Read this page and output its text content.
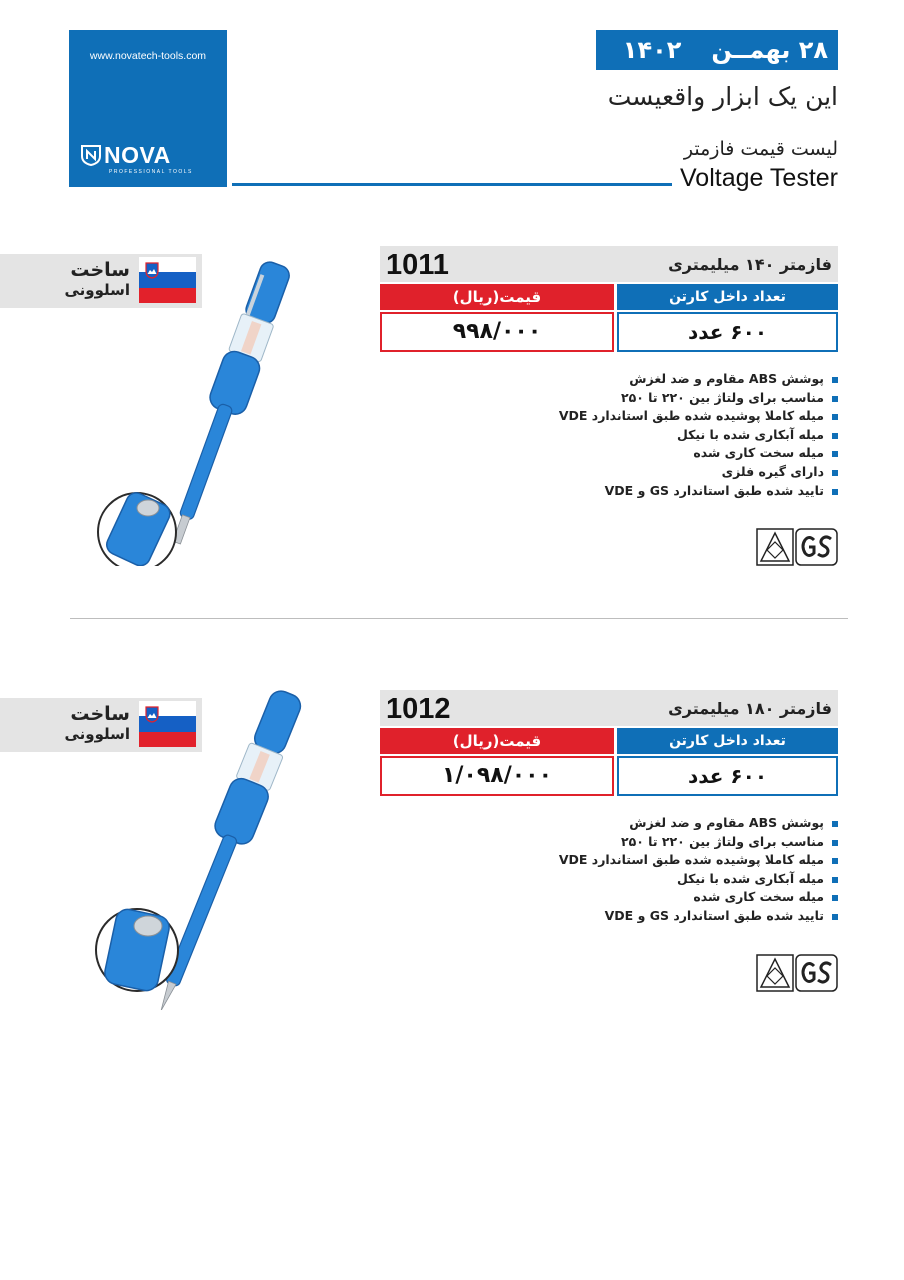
www.novatech-tools.com
NOVA
PROFESSIONAL TOOLS
۲۸ بهمــن
۱۴۰۲
این یک ابزار واقعیست
لیست قیمت فازمتر
Voltage Tester
ساخت
اسلوونی
1011	فازمتر ۱۴۰ میلیمتری
قیمت(ریال)	تعداد داخل کارتن
۹۹۸/۰۰۰	۶۰۰ عدد
پوشش ABS مقاوم و ضد لغزش
مناسب برای ولتاژ بین ۲۲۰ تا ۲۵۰
میله کاملا پوشیده شده طبق استاندارد VDE
میله آبکاری شده با نیکل
میله سخت کاری شده
دارای گیره فلزی
تایید شده طبق استاندارد GS و VDE
ساخت
اسلوونی
1012	فازمتر ۱۸۰ میلیمتری
قیمت(ریال)	تعداد داخل کارتن
۱/۰۹۸/۰۰۰	۶۰۰ عدد
پوشش ABS مقاوم و ضد لغزش
مناسب برای ولتاژ بین ۲۲۰ تا ۲۵۰
میله کاملا پوشیده شده طبق استاندارد VDE
میله آبکاری شده با نیکل
میله سخت کاری شده
تایید شده طبق استاندارد GS و VDE
